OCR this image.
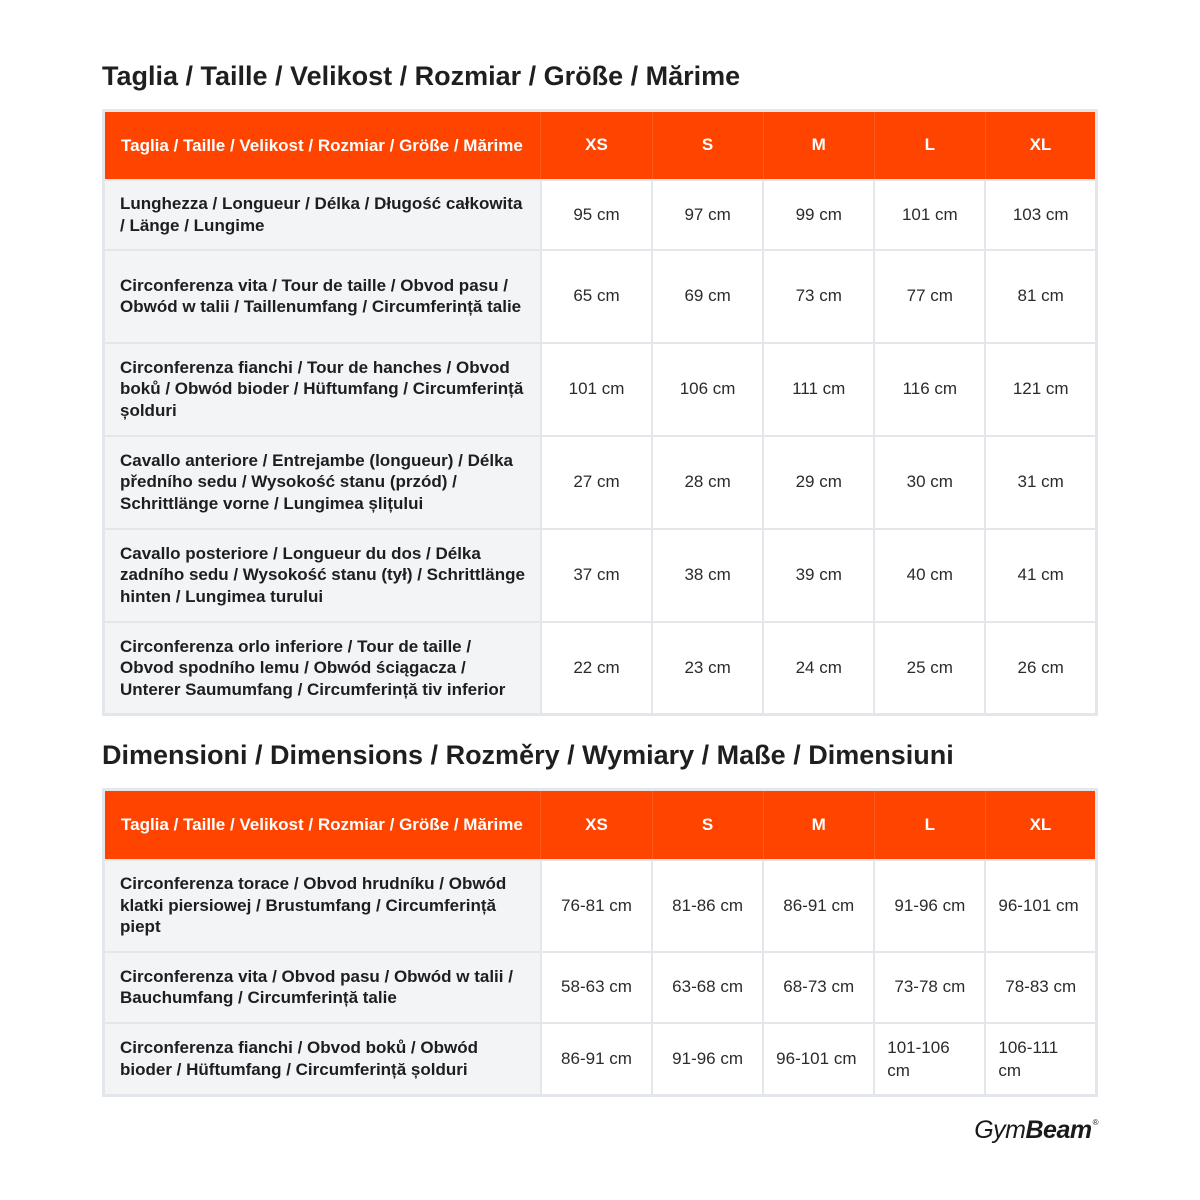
Taglia / Taille / Velikost / Rozmiar / Größe / Mărime
Taglia / Taille / Velikost / Rozmiar / Größe / Mărime	XS	S	M	L	XL
Lunghezza / Longueur / Délka / Długość całkowita / Länge / Lungime	95 cm	97 cm	99 cm	101 cm	103 cm
Circonferenza vita / Tour de taille / Obvod pasu / Obwód w talii / Taillenumfang / Circumferință talie	65 cm	69 cm	73 cm	77 cm	81 cm
Circonferenza fianchi / Tour de hanches / Obvod boků / Obwód bioder / Hüftumfang / Circumferință șolduri	101 cm	106 cm	111 cm	116 cm	121 cm
Cavallo anteriore / Entrejambe (longueur) / Délka předního sedu / Wysokość stanu (przód) / Schrittlänge vorne / Lungimea șlițului	27 cm	28 cm	29 cm	30 cm	31 cm
Cavallo posteriore / Longueur du dos / Délka zadního sedu / Wysokość stanu (tył) / Schrittlänge hinten / Lungimea turului	37 cm	38 cm	39 cm	40 cm	41 cm
Circonferenza orlo inferiore / Tour de taille / Obvod spodního lemu / Obwód ściągacza / Unterer Saumumfang / Circumferință tiv inferior	22 cm	23 cm	24 cm	25 cm	26 cm
Dimensioni / Dimensions / Rozměry / Wymiary / Maße / Dimensiuni
Taglia / Taille / Velikost / Rozmiar / Größe / Mărime	XS	S	M	L	XL
Circonferenza torace / Obvod hrudníku / Obwód klatki piersiowej / Brustumfang / Circumferință piept	76-81 cm	81-86 cm	86-91 cm	91-96 cm	96-101 cm
Circonferenza vita / Obvod pasu / Obwód w talii / Bauchumfang / Circumferință talie	58-63 cm	63-68 cm	68-73 cm	73-78 cm	78-83 cm
Circonferenza fianchi / Obvod boků / Obwód bioder / Hüftumfang / Circumferință șolduri	86-91 cm	91-96 cm	96-101 cm	101-106 cm	106-111 cm
GymBeam®
